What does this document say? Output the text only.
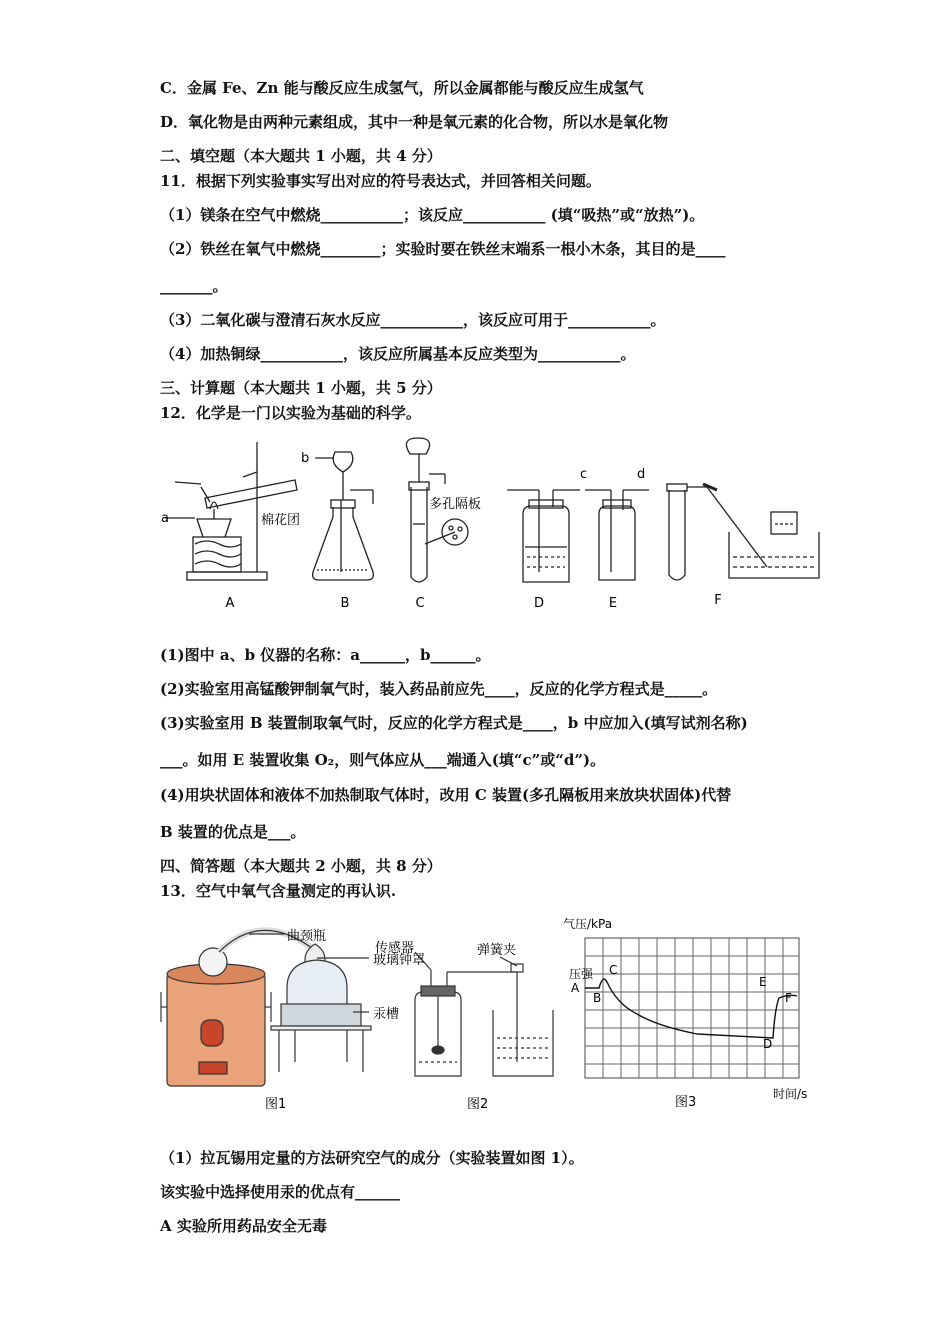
C．金属 Fe、Zn 能与酸反应生成氢气，所以金属都能与酸反应生成氢气
D．氧化物是由两种元素组成，其中一种是氧元素的化合物，所以水是氧化物
二、填空题（本大题共 1 小题，共 4 分）
11．根据下列实验事实写出对应的符号表达式，并回答相关问题。
（1）镁条在空气中燃烧___________；该反应___________ (填“吸热”或“放热”)。
（2）铁丝在氧气中燃烧________；实验时要在铁丝末端系一根小木条，其目的是____
_______。
（3）二氧化碳与澄清石灰水反应___________，该反应可用于___________。
（4）加热铜绿___________，该反应所属基本反应类型为___________。
三、计算题（本大题共 1 小题，共 5 分）
12．化学是一门以实验为基础的科学。
A	B	C	D	E	F
a
b
c	d
棉花团
多孔隔板
(1)图中 a、b 仪器的名称：a______，b______。
(2)实验室用高锰酸钾制氧气时，装入药品前应先____，反应的化学方程式是_____。
(3)实验室用 B 装置制取氧气时，反应的化学方程式是____，b 中应加入(填写试剂名称)
___。如用 E 装置收集 O₂，则气体应从___端通入(填“c”或“d”)。
(4)用块状固体和液体不加热制取气体时，改用 C 装置(多孔隔板用来放块状固体)代替
B 装置的优点是___。
四、简答题（本大题共 2 小题，共 8 分）
13．空气中氧气含量测定的再认识.
曲颈瓶
玻璃钟罩
汞槽
图1
传感器	弹簧夹
图2
气压/kPa
压强
A
B
C
D
E
F
图3
时间/s
（1）拉瓦锡用定量的方法研究空气的成分（实验装置如图 1）。
该实验中选择使用汞的优点有______
A 实验所用药品安全无毒
